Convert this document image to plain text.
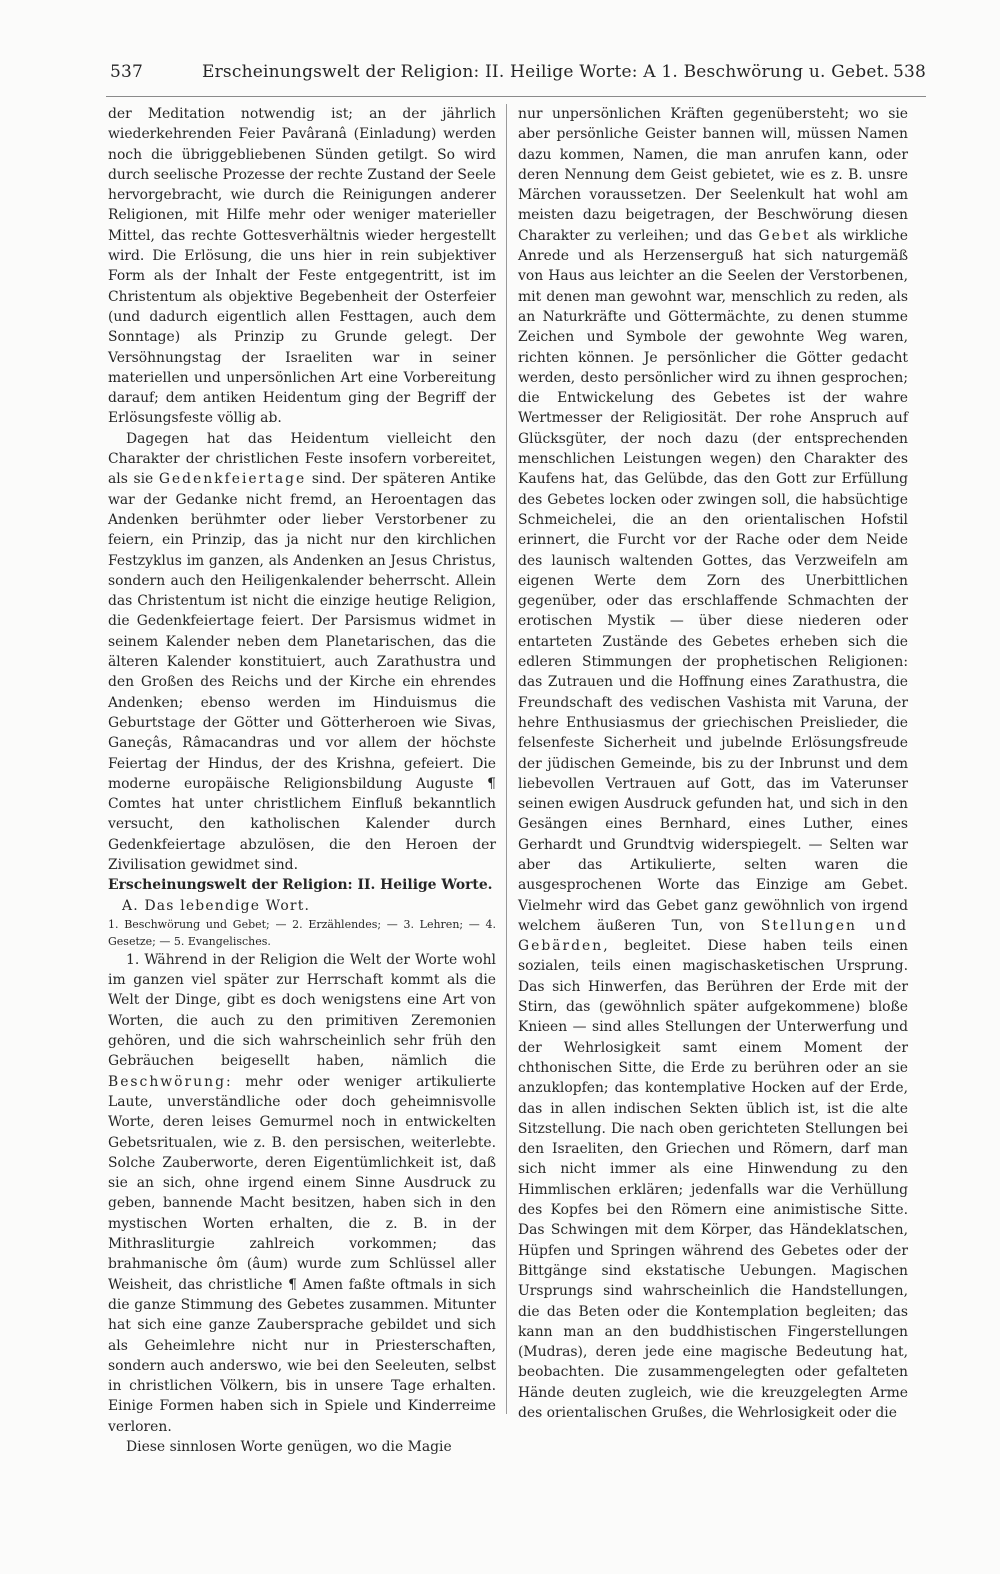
537	Erscheinungswelt der Religion: II. Heilige Worte: A 1. Beschwörung u. Gebet. 538

der Meditation notwendig ist; an der jährlich wiederkehrenden Feier Pavâranâ (Einladung) werden noch die übriggebliebenen Sünden getilgt. So wird durch seelische Prozesse der rechte Zustand der Seele hervorgebracht, wie durch die Reinigungen anderer Religionen, mit Hilfe mehr oder weniger materieller Mittel, das rechte Gottesverhältnis wieder hergestellt wird. Die Erlösung, die uns hier in rein subjektiver Form als der Inhalt der Feste entgegentritt, ist im Christentum als objektive Begebenheit der Osterfeier (und dadurch eigentlich allen Festtagen, auch dem Sonntage) als Prinzip zu Grunde gelegt. Der Versöhnungstag der Israeliten war in seiner materiellen und unpersönlichen Art eine Vorbereitung darauf; dem antiken Heidentum ging der Begriff der Erlösungsfeste völlig ab.

Dagegen hat das Heidentum vielleicht den Charakter der christlichen Feste insofern vorbereitet, als sie Gedenkfeiertage sind. Der späteren Antike war der Gedanke nicht fremd, an Heroentagen das Andenken berühmter oder lieber Verstorbener zu feiern, ein Prinzip, das ja nicht nur den kirchlichen Festzyklus im ganzen, als Andenken an Jesus Christus, sondern auch den Heiligenkalender beherrscht. Allein das Christentum ist nicht die einzige heutige Religion, die Gedenkfeiertage feiert. Der Parsismus widmet in seinem Kalender neben dem Planetarischen, das die älteren Kalender konstituiert, auch Zarathustra und den Großen des Reichs und der Kirche ein ehrendes Andenken; ebenso werden im Hinduismus die Geburtstage der Götter und Götterheroen wie Sivas, Ganeçâs, Râmacandras und vor allem der höchste Feiertag der Hindus, der des Krishna, gefeiert. Die moderne europäische Religionsbildung Auguste ¶ Comtes hat unter christlichem Einfluß bekanntlich versucht, den katholischen Kalender durch Gedenkfeiertage abzulösen, die den Heroen der Zivilisation gewidmet sind.

Erscheinungswelt der Religion: II. Heilige Worte.

A. Das lebendige Wort.

1. Beschwörung und Gebet; — 2. Erzählendes; — 3. Lehren; — 4. Gesetze; — 5. Evangelisches.

1. Während in der Religion die Welt der Worte wohl im ganzen viel später zur Herrschaft kommt als die Welt der Dinge, gibt es doch wenigstens eine Art von Worten, die auch zu den primitiven Zeremonien gehören, und die sich wahrscheinlich sehr früh den Gebräuchen beigesellt haben, nämlich die Beschwörung: mehr oder weniger artikulierte Laute, unverständliche oder doch geheimnisvolle Worte, deren leises Gemurmel noch in entwickelten Gebetsritualen, wie z. B. den persischen, weiterlebte. Solche Zauberworte, deren Eigentümlichkeit ist, daß sie an sich, ohne irgend einem Sinne Ausdruck zu geben, bannende Macht besitzen, haben sich in den mystischen Worten erhalten, die z. B. in der Mithrasliturgie zahlreich vorkommen; das brahmanische ôm (âum) wurde zum Schlüssel aller Weisheit, das christliche ¶ Amen faßte oftmals in sich die ganze Stimmung des Gebetes zusammen. Mitunter hat sich eine ganze Zaubersprache gebildet und sich als Geheimlehre nicht nur in Priesterschaften, sondern auch anderswo, wie bei den Seeleuten, selbst in christlichen Völkern, bis in unsere Tage erhalten. Einige Formen haben sich in Spiele und Kinderreime verloren.

Diese sinnlosen Worte genügen, wo die Magie

nur unpersönlichen Kräften gegenübersteht; wo sie aber persönliche Geister bannen will, müssen Namen dazu kommen, Namen, die man anrufen kann, oder deren Nennung dem Geist gebietet, wie es z. B. unsre Märchen voraussetzen. Der Seelenkult hat wohl am meisten dazu beigetragen, der Beschwörung diesen Charakter zu verleihen; und das Gebet als wirkliche Anrede und als Herzenserguß hat sich naturgemäß von Haus aus leichter an die Seelen der Verstorbenen, mit denen man gewohnt war, menschlich zu reden, als an Naturkräfte und Göttermächte, zu denen stumme Zeichen und Symbole der gewohnte Weg waren, richten können. Je persönlicher die Götter gedacht werden, desto persönlicher wird zu ihnen gesprochen; die Entwickelung des Gebetes ist der wahre Wertmesser der Religiosität. Der rohe Anspruch auf Glücksgüter, der noch dazu (der entsprechenden menschlichen Leistungen wegen) den Charakter des Kaufens hat, das Gelübde, das den Gott zur Erfüllung des Gebetes locken oder zwingen soll, die habsüchtige Schmeichelei, die an den orientalischen Hofstil erinnert, die Furcht vor der Rache oder dem Neide des launisch waltenden Gottes, das Verzweifeln am eigenen Werte dem Zorn des Unerbittlichen gegenüber, oder das erschlaffende Schmachten der erotischen Mystik — über diese niederen oder entarteten Zustände des Gebetes erheben sich die edleren Stimmungen der prophetischen Religionen: das Zutrauen und die Hoffnung eines Zarathustra, die Freundschaft des vedischen Vashista mit Varuna, der hehre Enthusiasmus der griechischen Preislieder, die felsenfeste Sicherheit und jubelnde Erlösungsfreude der jüdischen Gemeinde, bis zu der Inbrunst und dem liebevollen Vertrauen auf Gott, das im Vaterunser seinen ewigen Ausdruck gefunden hat, und sich in den Gesängen eines Bernhard, eines Luther, eines Gerhardt und Grundtvig widerspiegelt. — Selten war aber das Artikulierte, selten waren die ausgesprochenen Worte das Einzige am Gebet. Vielmehr wird das Gebet ganz gewöhnlich von irgend welchem äußeren Tun, von Stellungen und Gebärden, begleitet. Diese haben teils einen sozialen, teils einen magischasketischen Ursprung. Das sich Hinwerfen, das Berühren der Erde mit der Stirn, das (gewöhnlich später aufgekommene) bloße Knieen — sind alles Stellungen der Unterwerfung und der Wehrlosigkeit samt einem Moment der chthonischen Sitte, die Erde zu berühren oder an sie anzuklopfen; das kontemplative Hocken auf der Erde, das in allen indischen Sekten üblich ist, ist die alte Sitzstellung. Die nach oben gerichteten Stellungen bei den Israeliten, den Griechen und Römern, darf man sich nicht immer als eine Hinwendung zu den Himmlischen erklären; jedenfalls war die Verhüllung des Kopfes bei den Römern eine animistische Sitte. Das Schwingen mit dem Körper, das Händeklatschen, Hüpfen und Springen während des Gebetes oder der Bittgänge sind ekstatische Uebungen. Magischen Ursprungs sind wahrscheinlich die Handstellungen, die das Beten oder die Kontemplation begleiten; das kann man an den buddhistischen Fingerstellungen (Mudras), deren jede eine magische Bedeutung hat, beobachten. Die zusammengelegten oder gefalteten Hände deuten zugleich, wie die kreuzgelegten Arme des orientalischen Grußes, die Wehrlosigkeit oder die
